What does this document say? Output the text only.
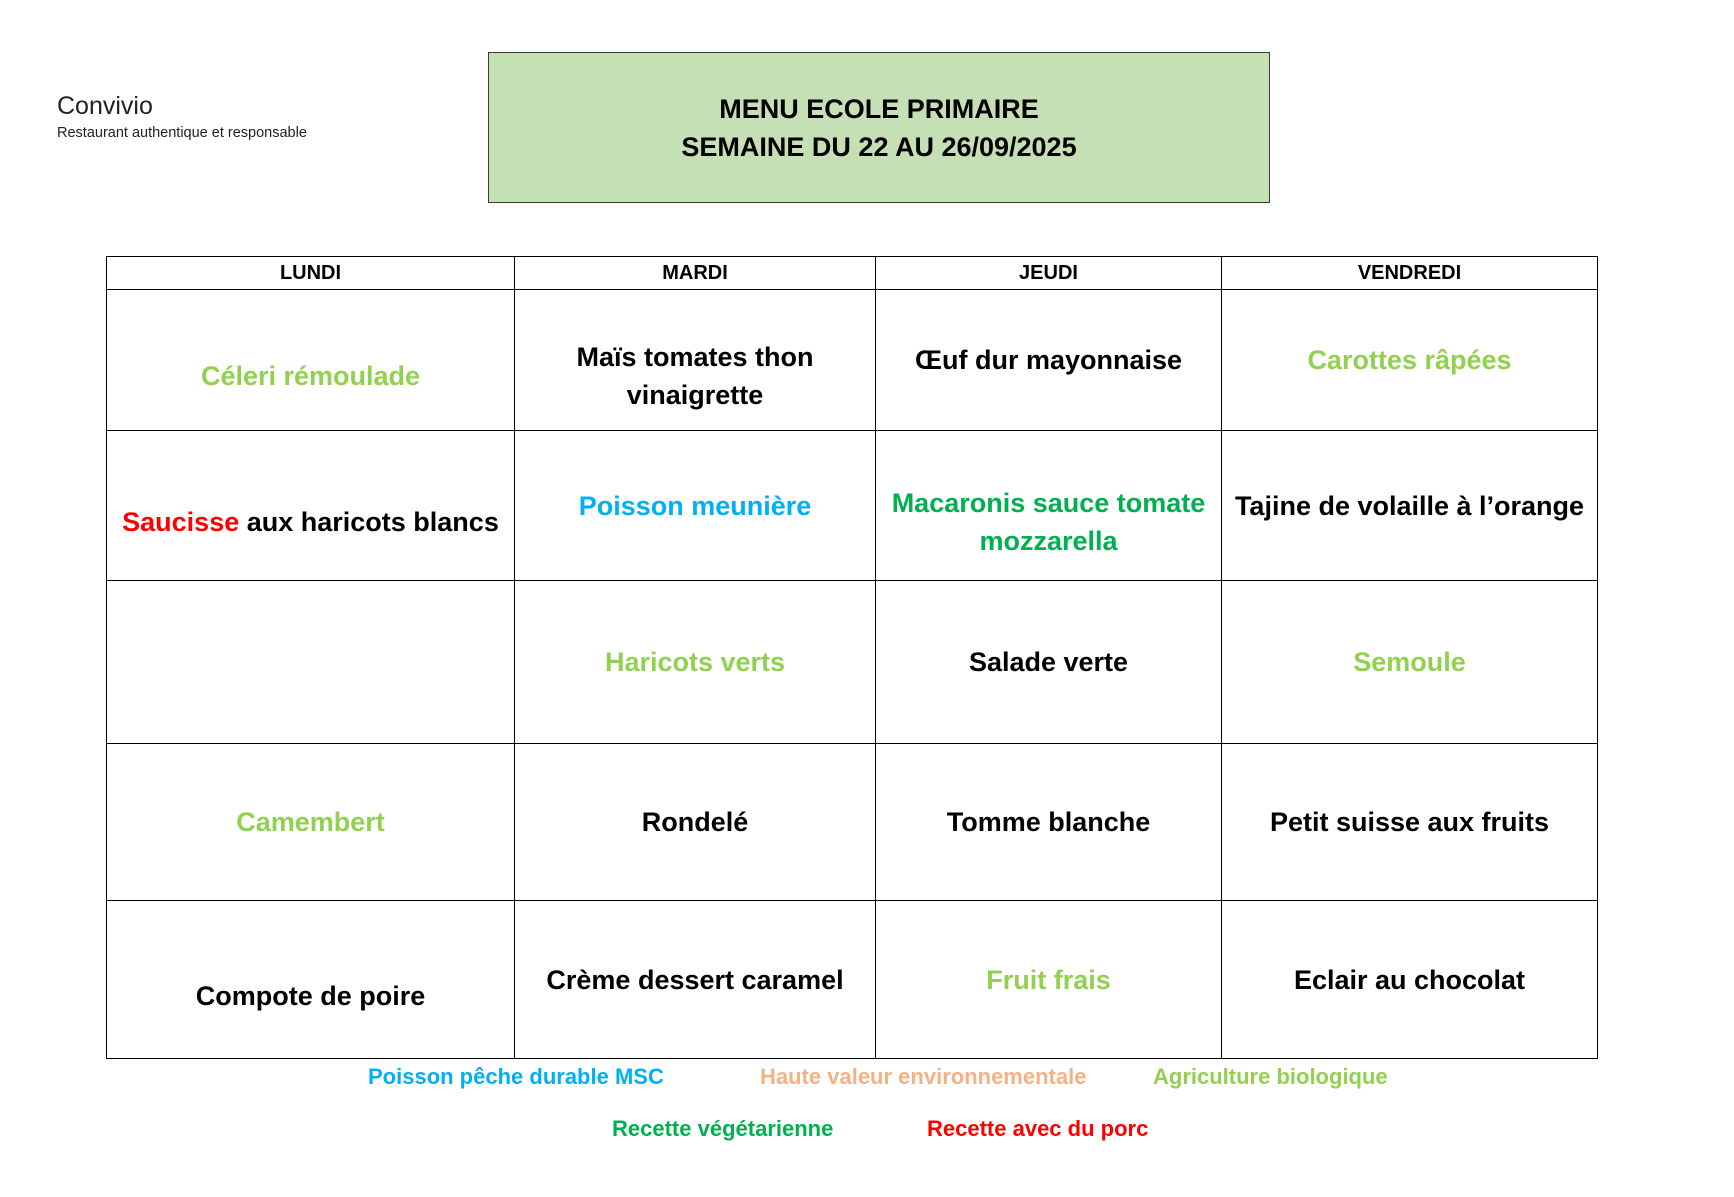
Convivio
Restaurant authentique et responsable
MENU ECOLE PRIMAIRE
SEMAINE DU 22 AU 26/09/2025
LUNDI	MARDI	JEUDI	VENDREDI

Céleri rémoulade	Maïs tomates thon vinaigrette	Œuf dur mayonnaise	Carottes râpées

Saucisse aux haricots blancs	Poisson meunière	Macaronis sauce tomate mozzarella	Tajine de volaille à l’orange

	Haricots verts	Salade verte	Semoule

Camembert	Rondelé	Tomme blanche	Petit suisse aux fruits

Compote de poire	Crème dessert caramel	Fruit frais	Eclair au chocolat
Poisson pêche durable MSC	Haute valeur environnementale	Agriculture biologique
Recette végétarienne	Recette avec du porc
